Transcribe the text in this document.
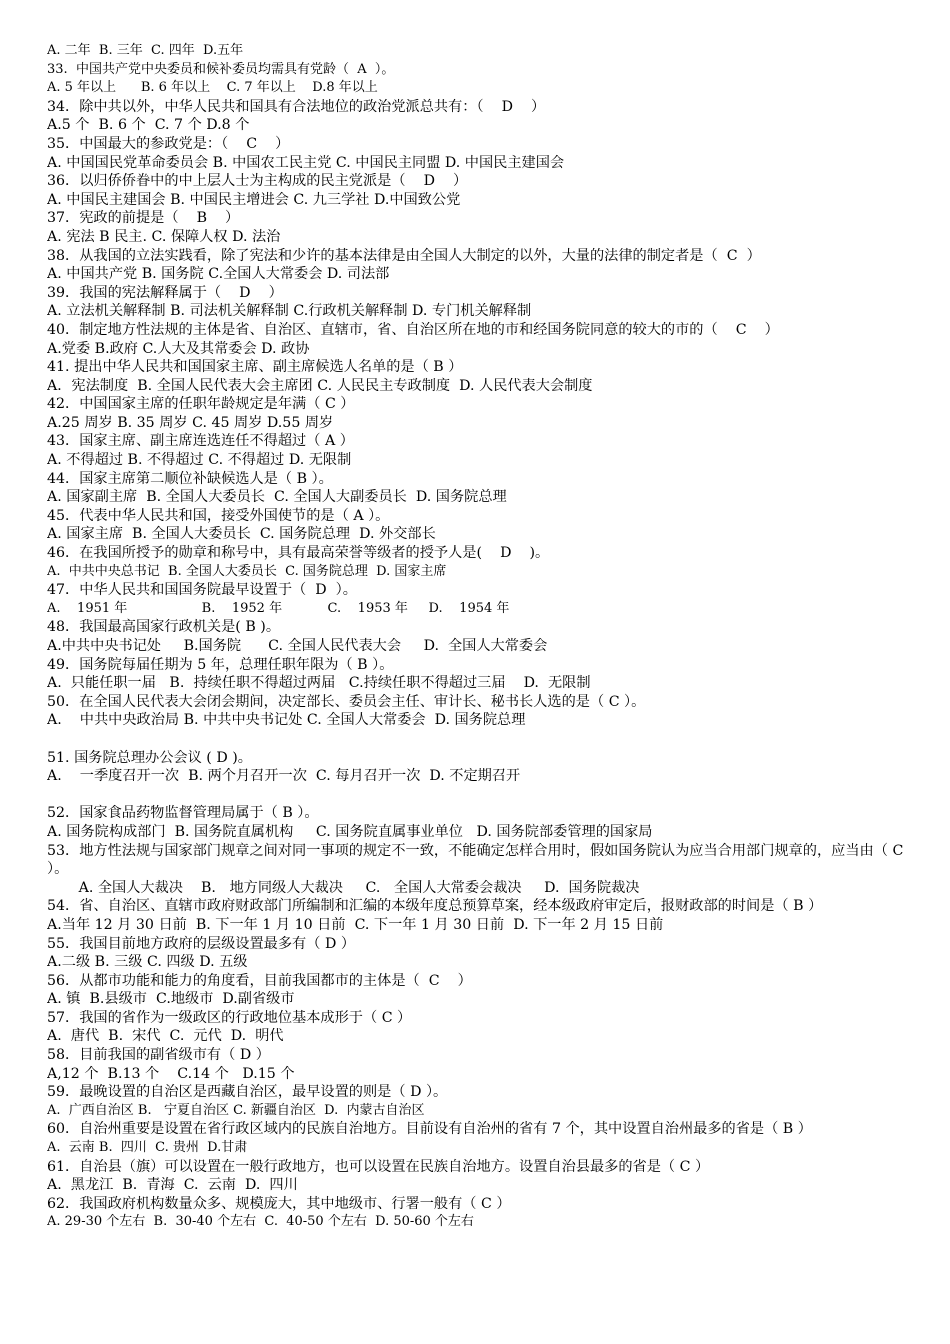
A. 二年  B. 三年  C. 四年  D.五年
33.  中国共产党中央委员和候补委员均需具有党龄（  A  ）。
A. 5 年以上      B. 6 年以上    C. 7 年以上    D.8 年以上
34．除中共以外，中华人民共和国具有合法地位的政治党派总共有：（    D    ）
A.5 个  B. 6 个  C. 7 个 D.8 个
35．中国最大的参政党是：（    C    ）
A. 中国国民党革命委员会 B. 中国农工民主党 C. 中国民主同盟 D. 中国民主建国会
36．以归侨侨眷中的中上层人士为主构成的民主党派是（    D    ）
A. 中国民主建国会 B. 中国民主增进会 C. 九三学社 D.中国致公党
37．宪政的前提是（    B    ）
A. 宪法 B 民主. C. 保障人权 D. 法治
38．从我国的立法实践看，除了宪法和少许的基本法律是由全国人大制定的以外，大量的法律的制定者是（  C  ）
A. 中国共产党 B. 国务院 C.全国人大常委会 D. 司法部
39．我国的宪法解释属于（    D    ）
A. 立法机关解释制 B. 司法机关解释制 C.行政机关解释制 D. 专门机关解释制
40．制定地方性法规的主体是省、自治区、直辖市，省、自治区所在地的市和经国务院同意的较大的市的（    C    ）
A.党委 B.政府 C.人大及其常委会 D. 政协
41. 提出中华人民共和国国家主席、副主席候选人名单的是（ B ）
A．宪法制度  B. 全国人民代表大会主席团 C. 人民民主专政制度  D. 人民代表大会制度
42．中国国家主席的任职年龄规定是年满（ C ）
A.25 周岁 B. 35 周岁 C. 45 周岁 D.55 周岁
43．国家主席、副主席连选连任不得超过（ A ）
A. 不得超过 B. 不得超过 C. 不得超过 D. 无限制
44．国家主席第二顺位补缺候选人是（ B ）。
A. 国家副主席  B. 全国人大委员长  C. 全国人大副委员长  D. 国务院总理
45．代表中华人民共和国，接受外国使节的是（ A ）。
A. 国家主席  B. 全国人大委员长  C. 国务院总理  D. 外交部长
46．在我国所授予的勋章和称号中，具有最高荣誉等级者的授予人是(    D    )。
A.  中共中央总书记  B. 全国人大委员长  C. 国务院总理  D. 国家主席
47．中华人民共和国国务院最早设置于（  D  ）。
A.    1951 年                  B.    1952 年           C.    1953 年     D.    1954 年
48．我国最高国家行政机关是( B )。
A.中共中央书记处     B.国务院      C. 全国人民代表大会     D.  全国人大常委会
49．国务院每届任期为 5 年，总理任职年限为（ B ）。
A.  只能任职一届   B.  持续任职不得超过两届   C.持续任职不得超过三届    D.  无限制
50．在全国人民代表大会闭会期间，决定部长、委员会主任、审计长、秘书长人选的是（ C ）。
A.    中共中央政治局 B. 中共中央书记处 C. 全国人大常委会  D. 国务院总理
51. 国务院总理办公会议 ( D )。
A.    一季度召开一次  B. 两个月召开一次  C. 每月召开一次  D. 不定期召开
52．国家食品药物监督管理局属于（ B ）。
A. 国务院构成部门  B. 国务院直属机构     C. 国务院直属事业单位   D. 国务院部委管理的国家局
53．地方性法规与国家部门规章之间对同一事项的规定不一致，不能确定怎样合用时，假如国务院认为应当合用部门规章的，应当由（ C ）。
A. 全国人大裁决    B.   地方同级人大裁决     C.   全国人大常委会裁决     D.  国务院裁决
54．省、自治区、直辖市政府财政部门所编制和汇编的本级年度总预算草案，经本级政府审定后，报财政部的时间是（ B ）
A.当年 12 月 30 日前  B. 下一年 1 月 10 日前  C. 下一年 1 月 30 日前  D. 下一年 2 月 15 日前
55．我国目前地方政府的层级设置最多有（ D ）
A.二级 B. 三级 C. 四级 D. 五级
56．从都市功能和能力的角度看，目前我国都市的主体是（  C    ）
A. 镇  B.县级市  C.地级市  D.副省级市
57．我国的省作为一级政区的行政地位基本成形于（ C ）
A.  唐代  B.  宋代  C.  元代  D.  明代
58．目前我国的副省级市有（ D ）
A,12 个  B.13 个    C.14 个   D.15 个
59．最晚设置的自治区是西藏自治区，最早设置的则是（ D ）。
A.  广西自治区 B.   宁夏自治区 C. 新疆自治区  D.  内蒙古自治区
60．自治州重要是设置在省行政区域内的民族自治地方。目前设有自治州的省有 7 个，其中设置自治州最多的省是（ B ）
A.  云南 B.  四川  C. 贵州  D.甘肃
61．自治县（旗）可以设置在一般行政地方，也可以设置在民族自治地方。设置自治县最多的省是（ C ）
A.  黑龙江  B.  青海  C.  云南  D.  四川
62．我国政府机构数量众多、规模庞大，其中地级市、行署一般有（ C ）
A. 29-30 个左右  B.  30-40 个左右  C.  40-50 个左右  D. 50-60 个左右
